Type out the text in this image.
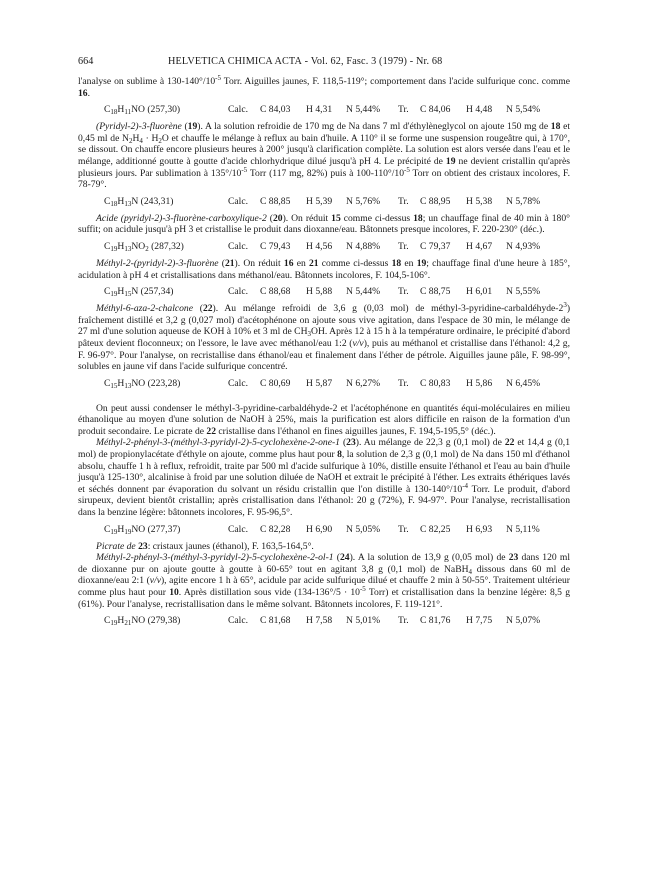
664	HELVETICA CHIMICA ACTA - Vol. 62, Fasc. 3 (1979) - Nr. 68

l'analyse on sublime à $130-140^\circ/10^{-5}$ Torr. Aiguilles jaunes, F. 118,5-119°; comportement dans l'acide sulfurique conc. comme 16.

$C_{18}H_{11}NO$ (257,30)	Calc. C 84,03 H 4,31 N 5,44% Tr. C 84,06 H 4,48 N 5,54%

(Pyridyl-2)-3-fluorène (19). A la solution refroidie de 170 mg de Na dans 7 ml d'éthylèneglycol on ajoute 150 mg de 18 et 0,45 ml de $N_2H_4 \cdot H_2O$ et chauffe le mélange à reflux au bain d'huile. A 110° il se forme une suspension rougeâtre qui, à 170°, se dissout. On chauffe encore plusieurs heures à 200° jusqu'à clarification complète. La solution est alors versée dans l'eau et le mélange, additionné goutte à goutte d'acide chlorhydrique dilué jusqu'à pH 4. Le précipité de 19 ne devient cristallin qu'après plusieurs jours. Par sublimation à $135^\circ/10^{-5}$ Torr (117 mg, 82%) puis à $100-110^\circ/10^{-5}$ Torr on obtient des cristaux incolores, F. 78-79°.

$C_{18}H_{13}N$ (243,31)	Calc. C 88,85 H 5,39 N 5,76% Tr. C 88,95 H 5,38 N 5,78%

Acide (pyridyl-2)-3-fluorène-carboxylique-2 (20). On réduit 15 comme ci-dessus 18; un chauffage final de 40 min à 180° suffit; on acidule jusqu'à pH 3 et cristallise le produit dans dioxanne/eau. Bâtonnets presque incolores, F. 220-230° (déc.).

$C_{19}H_{13}NO_2$ (287,32)	Calc. C 79,43 H 4,56 N 4,88% Tr. C 79,37 H 4,67 N 4,93%

Méthyl-2-(pyridyl-2)-3-fluorène (21). On réduit 16 en 21 comme ci-dessus 18 en 19; chauffage final d'une heure à 185°, acidulation à pH 4 et cristallisations dans méthanol/eau. Bâtonnets incolores, F. 104,5-106°.

$C_{19}H_{15}N$ (257,34)	Calc. C 88,68 H 5,88 N 5,44% Tr. C 88,75 H 6,01 N 5,55%

Méthyl-6-aza-2-chalcone (22). Au mélange refroidi de 3,6 g (0,03 mol) de méthyl-$3-pyridine-carbaldéhyde-2^3$) fraîchement distillé et 3,2 g (0,027 mol) d'acétophénone on ajoute sous vive agitation, dans l'espace de 30 min, le mélange de 27 ml d'une solution aqueuse de KOH à 10% et 3 ml de $CH_3OH$. Après 12 à 15 h à la température ordinaire, le précipité d'abord pâteux devient floconneux; on l'essore, le lave avec méthanol/eau 1:2 (v/v), puis au méthanol et cristallise dans l'éthanol: 4,2 g, F. 96-97°. Pour l'analyse, on recristallise dans éthanol/eau et finalement dans l'éther de pétrole. Aiguilles jaune pâle, F. 98-99°, solubles en jaune vif dans l'acide sulfurique concentré.

$C_{15}H_{13}NO$ (223,28)	Calc. C 80,69 H 5,87 N 6,27% Tr. C 80,83 H 5,86 N 6,45%

On peut aussi condenser le méthyl-3-pyridine-carbaldéhyde-2 et l'acétophénone en quantités équi-moléculaires en milieu éthanolique au moyen d'une solution de NaOH à 25%, mais la purification est alors difficile en raison de la formation d'un produit secondaire. Le picrate de 22 cristallise dans l'éthanol en fines aiguilles jaunes, F. 194,5-195,5° (déc.).

Méthyl-2-phényl-3-(méthyl-3-pyridyl-2)-5-cyclohexène-2-one-1 (23). Au mélange de 22,3 g (0,1 mol) de 22 et 14,4 g (0,1 mol) de propionylacétate d'éthyle on ajoute, comme plus haut pour 8, la solution de 2,3 g (0,1 mol) de Na dans 150 ml d'éthanol absolu, chauffe 1 h à reflux, refroidit, traite par 500 ml d'acide sulfurique à 10%, distille ensuite l'éthanol et l'eau au bain d'huile jusqu'à 125-130°, alcalinise à froid par une solution diluée de NaOH et extrait le précipité à l'éther. Les extraits éthériques lavés et séchés donnent par évaporation du solvant un résidu cristallin que l'on distille à $130-140^\circ/10^{-4}$ Torr. Le produit, d'abord sirupeux, devient bientôt cristallin; après cristallisation dans l'éthanol: 20 g (72%), F. 94-97°. Pour l'analyse, recristallisation dans la benzine légère: bâtonnets incolores, F. 95-96,5°.

$C_{19}H_{19}NO$ (277,37)	Calc. C 82,28 H 6,90 N 5,05% Tr. C 82,25 H 6,93 N 5,11%

Picrate de 23: cristaux jaunes (éthanol), F. 163,5-164,5°.

Méthyl-2-phényl-3-(méthyl-3-pyridyl-2)-5-cyclohexène-2-ol-1 (24). A la solution de 13,9 g (0,05 mol) de 23 dans 120 ml de dioxanne pur on ajoute goutte à goutte à 60-65° tout en agitant 3,8 g (0,1 mol) de NaBH$_4$ dissous dans 60 ml de dioxanne/eau 2:1 (v/v), agite encore 1 h à 65°, acidule par acide sulfurique dilué et chauffe 2 min à 50-55°. Traitement ultérieur comme plus haut pour 10. Après distillation sous vide ($134-136^\circ/5 \cdot 10^{-5}$ Torr) et cristallisation dans la benzine légère: 8,5 g (61%). Pour l'analyse, recristallisation dans le même solvant. Bâtonnets incolores, F. 119-121°.

$C_{19}H_{21}NO$ (279,38)	Calc. C 81,68 H 7,58 N 5,01% Tr. C 81,76 H 7,75 N 5,07%
